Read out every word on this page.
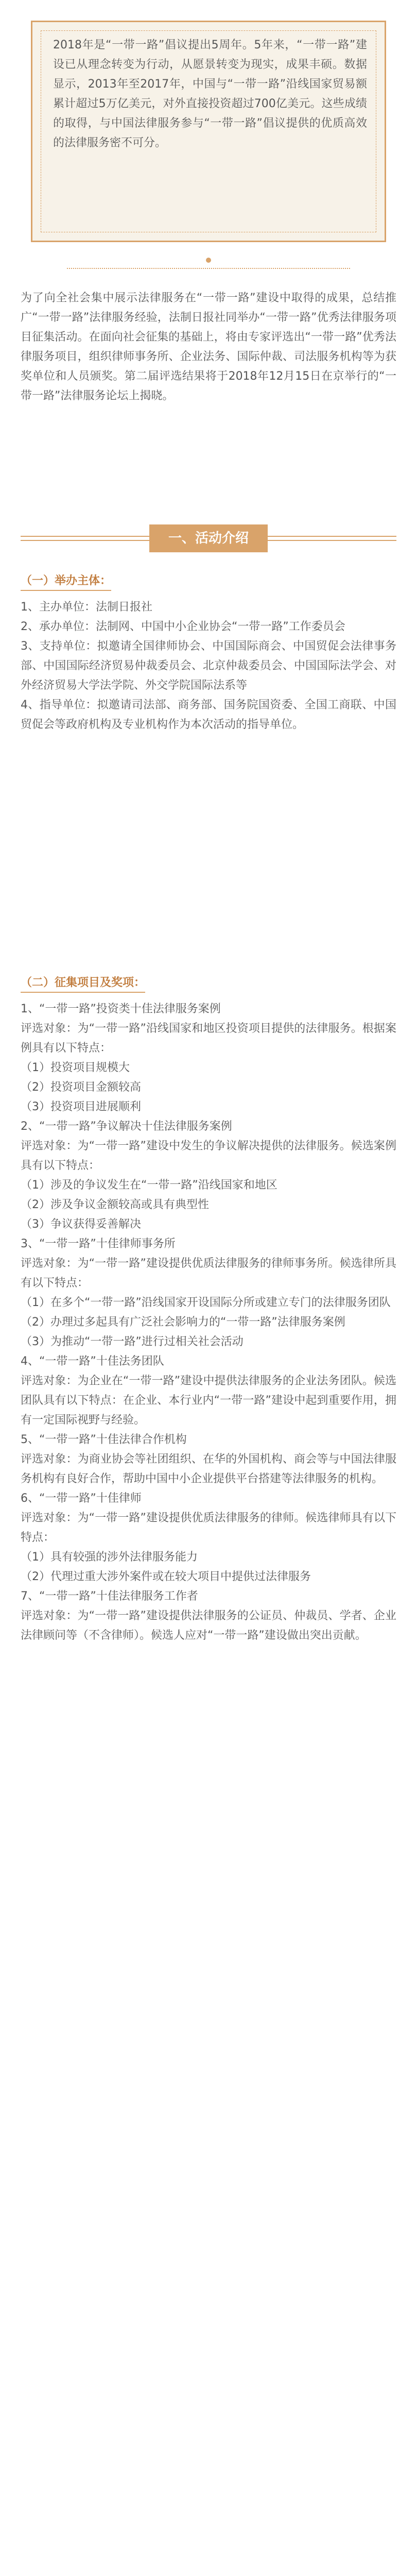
2018年是“一带一路”倡议提出5周年。5年来，“一带一路”建设已从理念转变为行动，从愿景转变为现实，成果丰硕。数据显示，2013年至2017年，中国与“一带一路”沿线国家贸易额累计超过5万亿美元，对外直接投资超过700亿美元。这些成绩的取得，与中国法律服务参与“一带一路”倡议提供的优质高效的法律服务密不可分。
为了向全社会集中展示法律服务在“一带一路”建设中取得的成果，总结推广“一带一路”法律服务经验，法制日报社同举办“一带一路”优秀法律服务项目征集活动。在面向社会征集的基础上，将由专家评选出“一带一路”优秀法律服务项目，组织律师事务所、企业法务、国际仲裁、司法服务机构等为获奖单位和人员颁奖。第二届评选结果将于2018年12月15日在京举行的“一带一路”法律服务论坛上揭晓。
一、活动介绍
（一）举办主体：
1、主办单位：法制日报社
2、承办单位：法制网、中国中小企业协会“一带一路”工作委员会
3、支持单位：拟邀请全国律师协会、中国国际商会、中国贸促会法律事务部、中国国际经济贸易仲裁委员会、北京仲裁委员会、中国国际法学会、对外经济贸易大学法学院、外交学院国际法系等
4、指导单位：拟邀请司法部、商务部、国务院国资委、全国工商联、中国贸促会等政府机构及专业机构作为本次活动的指导单位。
（二）征集项目及奖项：
1、“一带一路”投资类十佳法律服务案例
评选对象：为“一带一路”沿线国家和地区投资项目提供的法律服务。根据案例具有以下特点：
（1）投资项目规模大
（2）投资项目金额较高
（3）投资项目进展顺利
2、“一带一路”争议解决十佳法律服务案例
评选对象：为“一带一路”建设中发生的争议解决提供的法律服务。候选案例具有以下特点：
（1）涉及的争议发生在“一带一路”沿线国家和地区
（2）涉及争议金额较高或具有典型性
（3）争议获得妥善解决
3、“一带一路”十佳律师事务所
评选对象：为“一带一路”建设提供优质法律服务的律师事务所。候选律所具有以下特点：
（1）在多个“一带一路”沿线国家开设国际分所或建立专门的法律服务团队
（2）办理过多起具有广泛社会影响力的“一带一路”法律服务案例
（3）为推动“一带一路”进行过相关社会活动
4、“一带一路”十佳法务团队
评选对象：为企业在“一带一路”建设中提供法律服务的企业法务团队。候选团队具有以下特点：在企业、本行业内“一带一路”建设中起到重要作用，拥有一定国际视野与经验。
5、“一带一路”十佳法律合作机构
评选对象：为商业协会等社团组织、在华的外国机构、商会等与中国法律服务机构有良好合作，帮助中国中小企业提供平台搭建等法律服务的机构。
6、“一带一路”十佳律师
评选对象：为“一带一路”建设提供优质法律服务的律师。候选律师具有以下特点：
（1）具有较强的涉外法律服务能力
（2）代理过重大涉外案件或在较大项目中提供过法律服务
7、“一带一路”十佳法律服务工作者
评选对象：为“一带一路”建设提供法律服务的公证员、仲裁员、学者、企业法律顾问等（不含律师）。候选人应对“一带一路”建设做出突出贡献。
